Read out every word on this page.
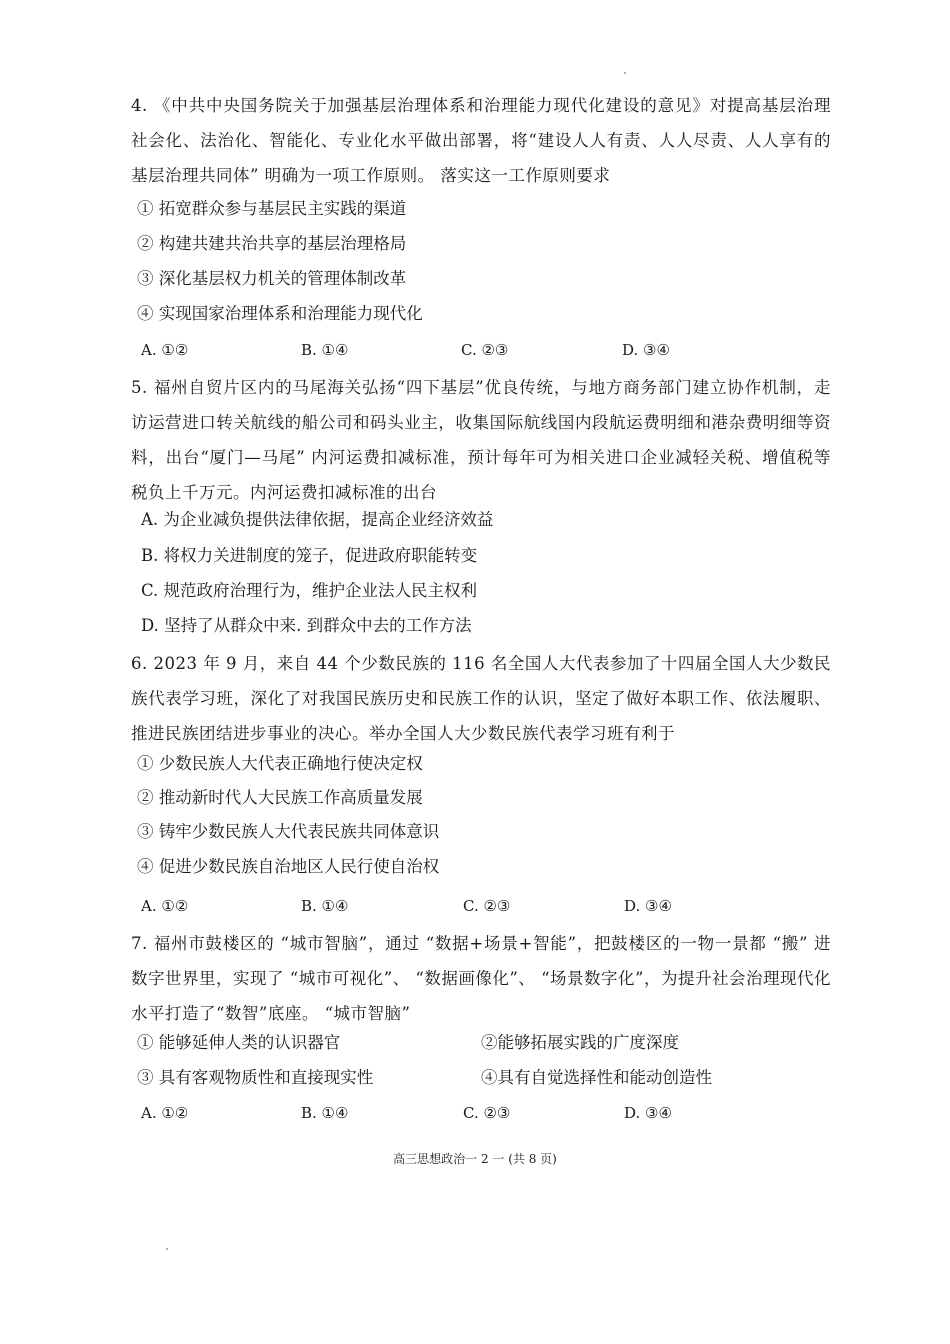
4. 《中共中央国务院关于加强基层治理体系和治理能力现代化建设的意见》对提高基层治理社会化、法治化、智能化、专业化水平做出部署，将“建设人人有责、人人尽责、人人享有的基层治理共同体” 明确为一项工作原则。 落实这一工作原则要求
① 拓宽群众参与基层民主实践的渠道
② 构建共建共治共享的基层治理格局
③ 深化基层权力机关的管理体制改革
④ 实现国家治理体系和治理能力现代化
A. ①②	B. ①④	C. ②③	D. ③④
5. 福州自贸片区内的马尾海关弘扬“四下基层”优良传统，与地方商务部门建立协作机制，走访运营进口转关航线的船公司和码头业主，收集国际航线国内段航运费明细和港杂费明细等资料，出台“厦门—马尾” 内河运费扣减标准，预计每年可为相关进口企业减轻关税、增值税等税负上千万元。内河运费扣减标准的出台
A. 为企业减负提供法律依据，提高企业经济效益
B. 将权力关进制度的笼子，促进政府职能转变
C. 规范政府治理行为，维护企业法人民主权利
D. 坚持了从群众中来. 到群众中去的工作方法
6. 2023 年 9 月，来自 44 个少数民族的 116 名全国人大代表参加了十四届全国人大少数民族代表学习班，深化了对我国民族历史和民族工作的认识，坚定了做好本职工作、依法履职、推进民族团结进步事业的决心。举办全国人大少数民族代表学习班有利于
① 少数民族人大代表正确地行使决定权
② 推动新时代人大民族工作高质量发展
③ 铸牢少数民族人大代表民族共同体意识
④ 促进少数民族自治地区人民行使自治权
A. ①②	B. ①④	C. ②③	D. ③④
7. 福州市鼓楼区的 “城市智脑”，通过 “数据+场景+智能”，把鼓楼区的一物一景都 “搬” 进数字世界里，实现了 “城市可视化”、 “数据画像化”、 “场景数字化”，为提升社会治理现代化水平打造了“数智”底座。 “城市智脑”
① 能够延伸人类的认识器官	②能够拓展实践的广度深度
③ 具有客观物质性和直接现实性	④具有自觉选择性和能动创造性
A. ①②	B. ①④	C. ②③	D. ③④
高三思想政治一 2 一 (共 8 页)
